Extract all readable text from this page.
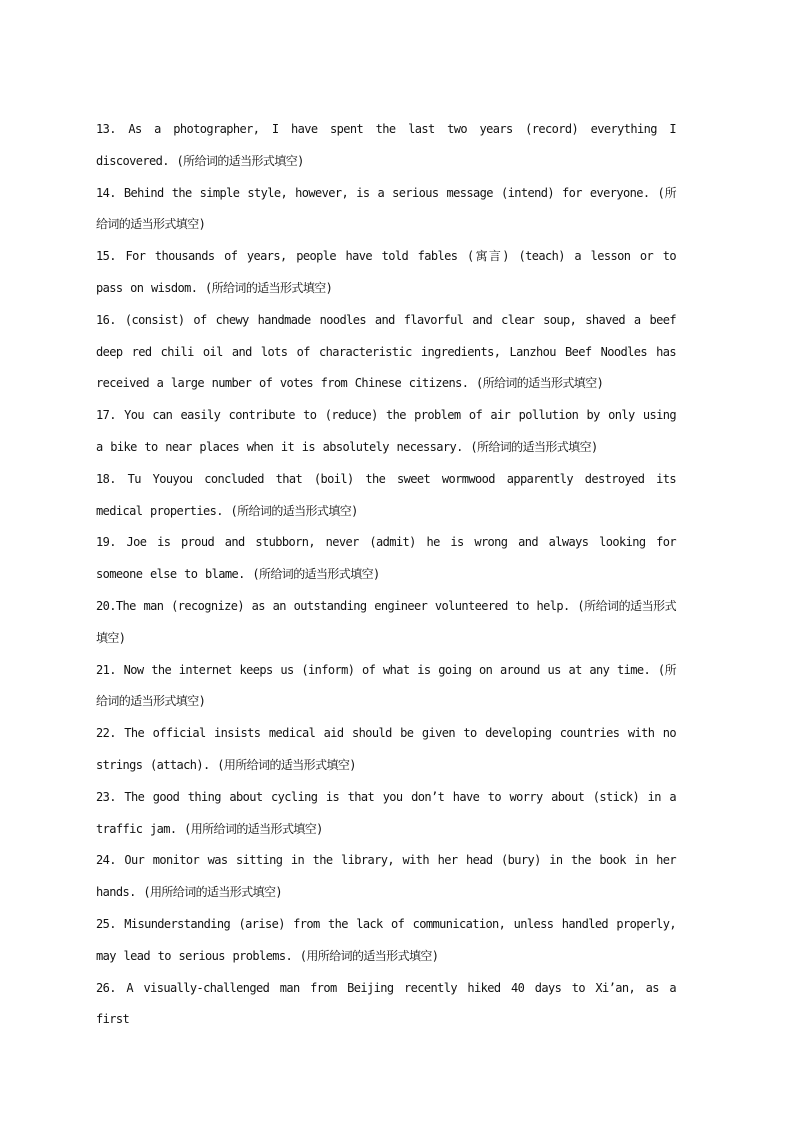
13. As a photographer, I have spent the last two years (record) everything I discovered. (所给词的适当形式填空)
14. Behind the simple style, however, is a serious message (intend) for everyone. (所给词的适当形式填空)
15. For thousands of years, people have told fables (寓言) (teach) a lesson or to pass on wisdom. (所给词的适当形式填空)
16. (consist) of chewy handmade noodles and flavorful and clear soup, shaved a beef deep red chili oil and lots of characteristic ingredients, Lanzhou Beef Noodles has received a large number of votes from Chinese citizens. (所给词的适当形式填空)
17. You can easily contribute to (reduce) the problem of air pollution by only using a bike to near places when it is absolutely necessary. (所给词的适当形式填空)
18. Tu Youyou concluded that (boil) the sweet wormwood apparently destroyed its medical properties. (所给词的适当形式填空)
19. Joe is proud and stubborn, never (admit) he is wrong and always looking for someone else to blame. (所给词的适当形式填空)
20.The man (recognize) as an outstanding engineer volunteered to help. (所给词的适当形式填空)
21. Now the internet keeps us (inform) of what is going on around us at any time. (所给词的适当形式填空)
22. The official insists medical aid should be given to developing countries with no strings (attach). (用所给词的适当形式填空)
23. The good thing about cycling is that you don’t have to worry about (stick) in a traffic jam. (用所给词的适当形式填空)
24. Our monitor was sitting in the library, with her head (bury) in the book in her hands. (用所给词的适当形式填空)
25. Misunderstanding (arise) from the lack of communication, unless handled properly, may lead to serious problems. (用所给词的适当形式填空)
26. A visually-challenged man from Beijing recently hiked 40 days to Xi’an, as a first
